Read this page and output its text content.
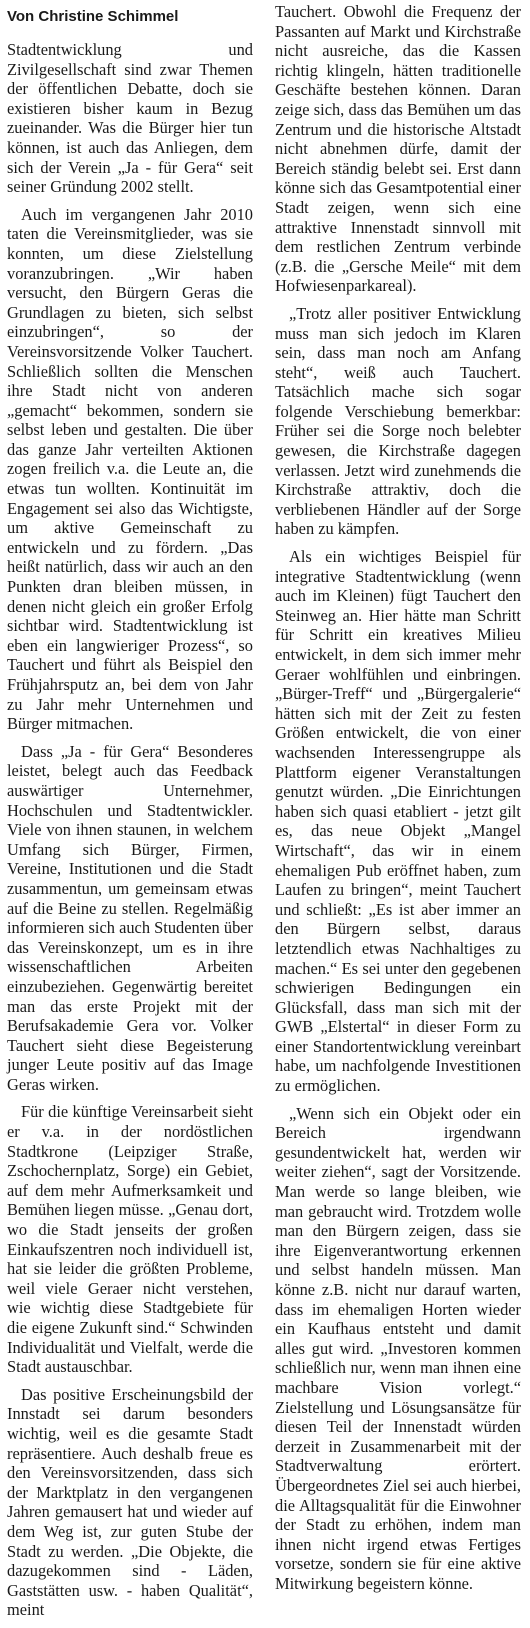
Von Christine Schimmel

Stadtentwicklung und Zivilgesellschaft sind zwar Themen der öffentlichen Debatte, doch sie existieren bisher kaum in Bezug zueinander. Was die Bürger hier tun können, ist auch das Anliegen, dem sich der Verein „Ja - für Gera“ seit seiner Gründung 2002 stellt.

Auch im vergangenen Jahr 2010 taten die Vereinsmitglieder, was sie konnten, um diese Zielstellung voranzubringen. „Wir haben versucht, den Bürgern Geras die Grundlagen zu bieten, sich selbst einzubringen“, so der Vereinsvorsitzende Volker Tauchert. Schließlich sollten die Menschen ihre Stadt nicht von anderen „gemacht“ bekommen, sondern sie selbst leben und gestalten. Die über das ganze Jahr verteilten Aktionen zogen freilich v.a. die Leute an, die etwas tun wollten. Kontinuität im Engagement sei also das Wichtigste, um aktive Gemeinschaft zu entwickeln und zu fördern. „Das heißt natürlich, dass wir auch an den Punkten dran bleiben müssen, in denen nicht gleich ein großer Erfolg sichtbar wird. Stadtentwicklung ist eben ein langwieriger Prozess“, so Tauchert und führt als Beispiel den Frühjahrsputz an, bei dem von Jahr zu Jahr mehr Unternehmen und Bürger mitmachen.

Dass „Ja - für Gera“ Besonderes leistet, belegt auch das Feedback auswärtiger Unternehmer, Hochschulen und Stadtentwickler. Viele von ihnen staunen, in welchem Umfang sich Bürger, Firmen, Vereine, Institutionen und die Stadt zusammentun, um gemeinsam etwas auf die Beine zu stellen. Regelmäßig informieren sich auch Studenten über das Vereinskonzept, um es in ihre wissenschaftlichen Arbeiten einzubeziehen. Gegenwärtig bereitet man das erste Projekt mit der Berufsakademie Gera vor. Volker Tauchert sieht diese Begeisterung junger Leute positiv auf das Image Geras wirken.

Für die künftige Vereinsarbeit sieht er v.a. in der nordöstlichen Stadtkrone (Leipziger Straße, Zschochernplatz, Sorge) ein Gebiet, auf dem mehr Aufmerksamkeit und Bemühen liegen müsse. „Genau dort, wo die Stadt jenseits der großen Einkaufszentren noch individuell ist, hat sie leider die größten Probleme, weil viele Geraer nicht verstehen, wie wichtig diese Stadtgebiete für die eigene Zukunft sind.“ Schwinden Individualität und Vielfalt, werde die Stadt austauschbar.

Das positive Erscheinungsbild der Innstadt sei darum besonders wichtig, weil es die gesamte Stadt repräsentiere. Auch deshalb freue es den Vereinsvorsitzenden, dass sich der Marktplatz in den vergangenen Jahren gemausert hat und wieder auf dem Weg ist, zur guten Stube der Stadt zu werden. „Die Objekte, die dazugekommen sind - Läden, Gaststätten usw. - haben Qualität“, meint

Tauchert. Obwohl die Frequenz der Passanten auf Markt und Kirchstraße nicht ausreiche, das die Kassen richtig klingeln, hätten traditionelle Geschäfte bestehen können. Daran zeige sich, dass das Bemühen um das Zentrum und die historische Altstadt nicht abnehmen dürfe, damit der Bereich ständig belebt sei. Erst dann könne sich das Gesamtpotential einer Stadt zeigen, wenn sich eine attraktive Innenstadt sinnvoll mit dem restlichen Zentrum verbinde (z.B. die „Gersche Meile“ mit dem Hofwiesenparkareal).

„Trotz aller positiver Entwicklung muss man sich jedoch im Klaren sein, dass man noch am Anfang steht“, weiß auch Tauchert. Tatsächlich mache sich sogar folgende Verschiebung bemerkbar: Früher sei die Sorge noch belebter gewesen, die Kirchstraße dagegen verlassen. Jetzt wird zunehmends die Kirchstraße attraktiv, doch die verbliebenen Händler auf der Sorge haben zu kämpfen.

Als ein wichtiges Beispiel für integrative Stadtentwicklung (wenn auch im Kleinen) fügt Tauchert den Steinweg an. Hier hätte man Schritt für Schritt ein kreatives Milieu entwickelt, in dem sich immer mehr Geraer wohlfühlen und einbringen. „Bürger-Treff“ und „Bürgergalerie“ hätten sich mit der Zeit zu festen Größen entwickelt, die von einer wachsenden Interessengruppe als Plattform eigener Veranstaltungen genutzt würden. „Die Einrichtungen haben sich quasi etabliert - jetzt gilt es, das neue Objekt „Mangel Wirtschaft“, das wir in einem ehemaligen Pub eröffnet haben, zum Laufen zu bringen“, meint Tauchert und schließt: „Es ist aber immer an den Bürgern selbst, daraus letztendlich etwas Nachhaltiges zu machen.“ Es sei unter den gegebenen schwierigen Bedingungen ein Glücksfall, dass man sich mit der GWB „Elstertal“ in dieser Form zu einer Standortentwicklung vereinbart habe, um nachfolgende Investitionen zu ermöglichen.

„Wenn sich ein Objekt oder ein Bereich irgendwann gesundentwickelt hat, werden wir weiter ziehen“, sagt der Vorsitzende. Man werde so lange bleiben, wie man gebraucht wird. Trotzdem wolle man den Bürgern zeigen, dass sie ihre Eigenverantwortung erkennen und selbst handeln müssen. Man könne z.B. nicht nur darauf warten, dass im ehemaligen Horten wieder ein Kaufhaus entsteht und damit alles gut wird. „Investoren kommen schließlich nur, wenn man ihnen eine machbare Vision vorlegt.“ Zielstellung und Lösungsansätze für diesen Teil der Innenstadt würden derzeit in Zusammenarbeit mit der Stadtverwaltung erörtert. Übergeordnetes Ziel sei auch hierbei, die Alltagsqualität für die Einwohner der Stadt zu erhöhen, indem man ihnen nicht irgend etwas Fertiges vorsetze, sondern sie für eine aktive Mitwirkung begeistern könne.
